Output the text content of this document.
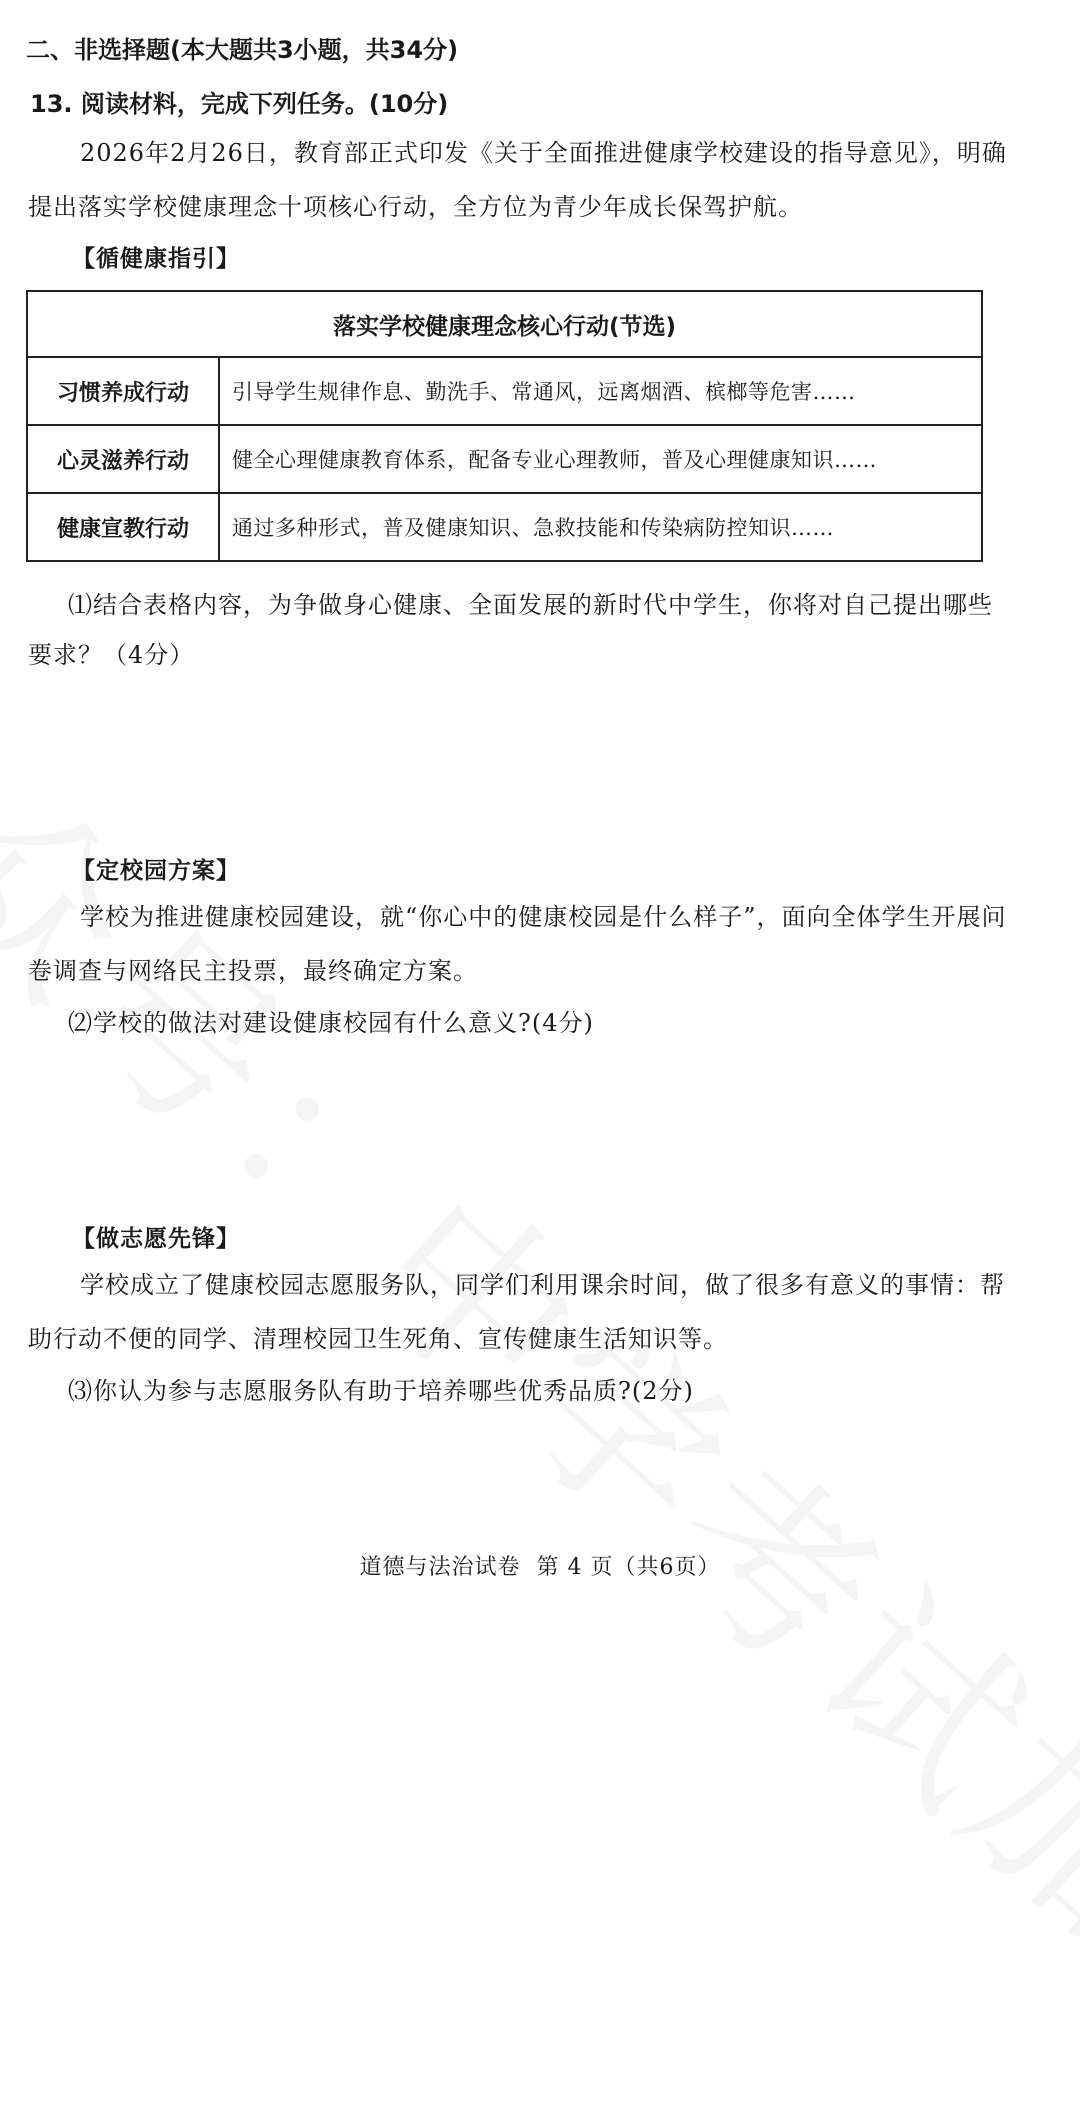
二、非选择题(本大题共3小题，共34分)
13. 阅读材料，完成下列任务。(10分)
2026年2月26日，教育部正式印发《关于全面推进健康学校建设的指导意见》，明确提出落实学校健康理念十项核心行动，全方位为青少年成长保驾护航。
【循健康指引】
落实学校健康理念核心行动(节选)	
习惯养成行动	引导学生规律作息、勤洗手、常通风，远离烟酒、槟榔等危害……
心灵滋养行动	健全心理健康教育体系，配备专业心理教师，普及心理健康知识……
健康宣教行动	通过多种形式，普及健康知识、急救技能和传染病防控知识……
⑴结合表格内容，为争做身心健康、全面发展的新时代中学生，你将对自己提出哪些要求？（4分）
【定校园方案】
学校为推进健康校园建设，就“你心中的健康校园是什么样子”，面向全体学生开展问卷调查与网络民主投票，最终确定方案。
⑵学校的做法对建设健康校园有什么意义?(4分)
【做志愿先锋】
学校成立了健康校园志愿服务队，同学们利用课余时间，做了很多有意义的事情：帮助行动不便的同学、清理校园卫生死角、宣传健康生活知识等。
⑶你认为参与志愿服务队有助于培养哪些优秀品质?(2分)
道德与法治试卷  第 4 页（共6页）
